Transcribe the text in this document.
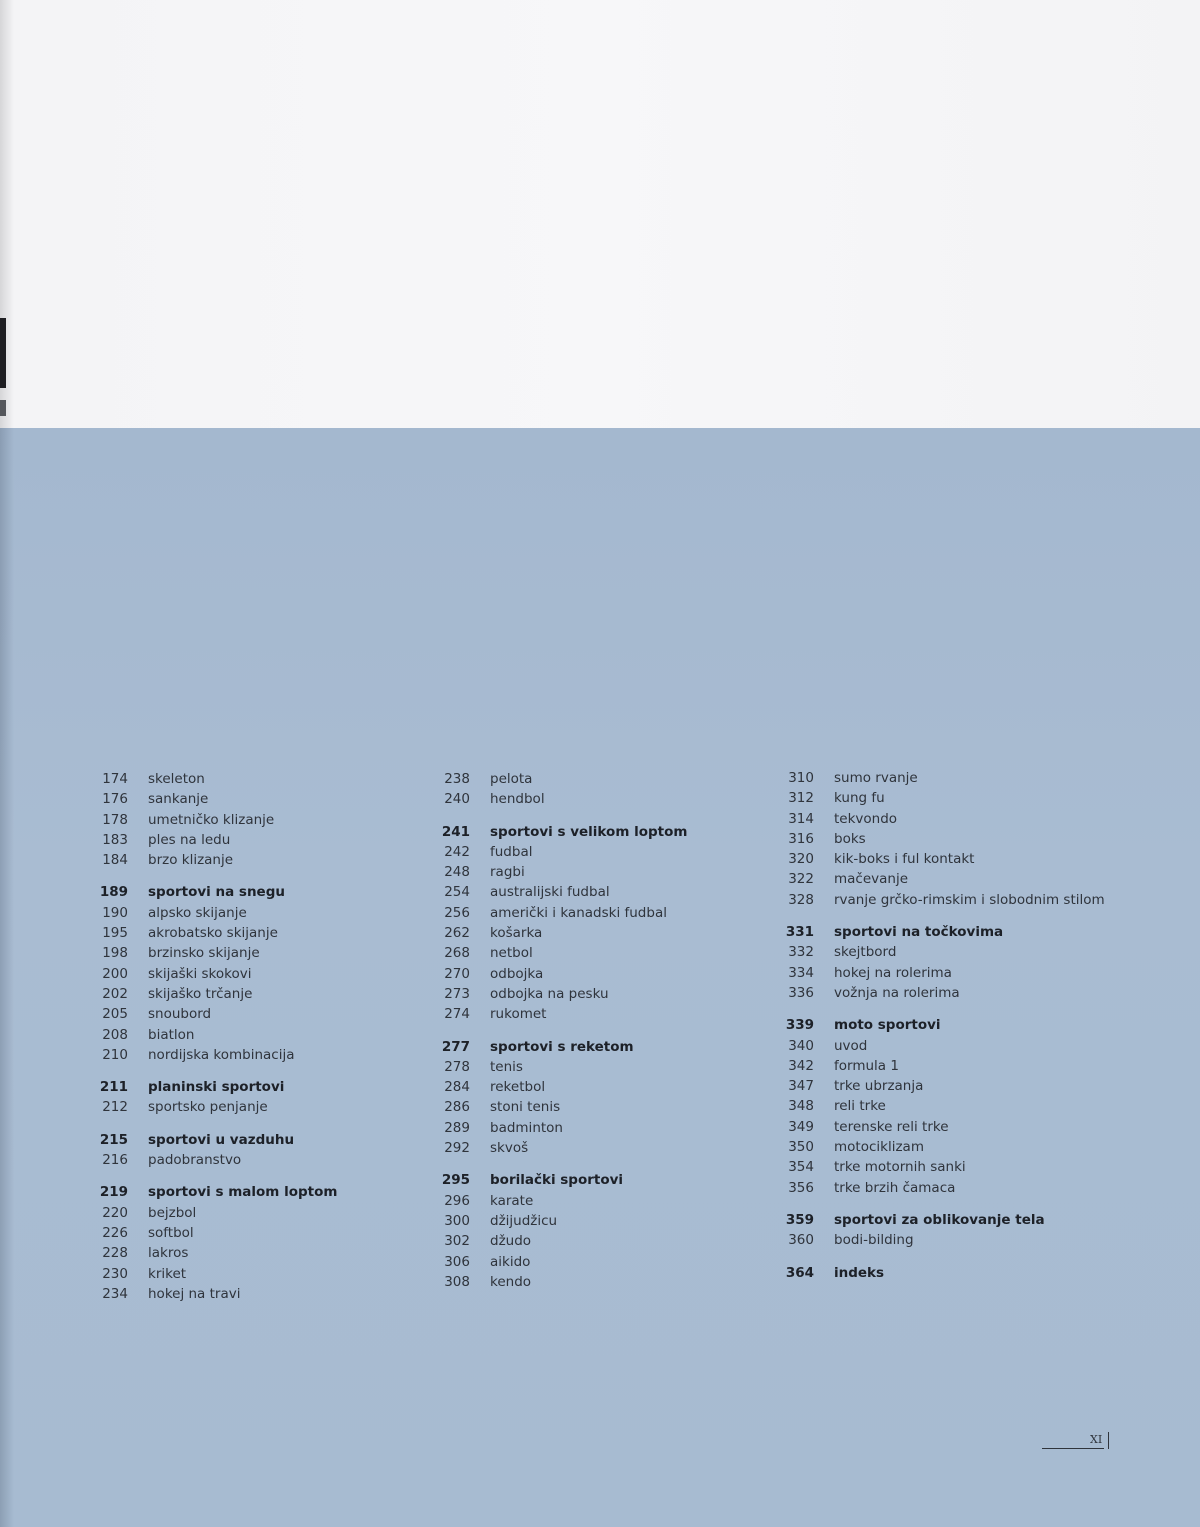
174 skeleton
176 sankanje
178 umetničko klizanje
183 ples na ledu
184 brzo klizanje
189 sportovi na snegu
190 alpsko skijanje
195 akrobatsko skijanje
198 brzinsko skijanje
200 skijaški skokovi
202 skijaško trčanje
205 snoubord
208 biatlon
210 nordijska kombinacija
211 planinski sportovi
212 sportsko penjanje
215 sportovi u vazduhu
216 padobranstvo
219 sportovi s malom loptom
220 bejzbol
226 softbol
228 lakros
230 kriket
234 hokej na travi
238 pelota
240 hendbol
241 sportovi s velikom loptom
242 fudbal
248 ragbi
254 australijski fudbal
256 američki i kanadski fudbal
262 košarka
268 netbol
270 odbojka
273 odbojka na pesku
274 rukomet
277 sportovi s reketom
278 tenis
284 reketbol
286 stoni tenis
289 badminton
292 skvoš
295 borilački sportovi
296 karate
300 džijudžicu
302 džudo
306 aikido
308 kendo
310 sumo rvanje
312 kung fu
314 tekvondo
316 boks
320 kik-boks i ful kontakt
322 mačevanje
328 rvanje grčko-rimskim i slobodnim stilom
331 sportovi na točkovima
332 skejtbord
334 hokej na rolerima
336 vožnja na rolerima
339 moto sportovi
340 uvod
342 formula 1
347 trke ubrzanja
348 reli trke
349 terenske reli trke
350 motociklizam
354 trke motornih sanki
356 trke brzih čamaca
359 sportovi za oblikovanje tela
360 bodi-bilding
364 indeks
XI
